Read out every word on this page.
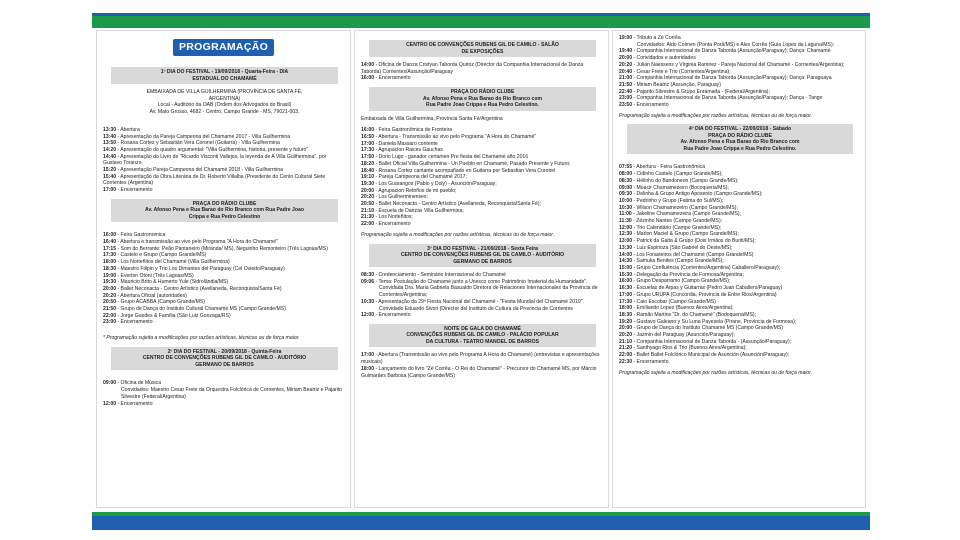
PROGRAMAÇÃO
1º DIA DO FESTIVAL - 19/09/2018 - Quarta-Feira - DIA
ESTADUAL DO CHAMAMÉ
EMBAIXADA DE VILLA GUILHERMINA (PROVÍNCIA DE SANTA FÉ,
ARGENTINA)
Local - Auditório da OAB (Ordem dos Advogados do Brasil)
Av. Mato Grosso, 4682 - Centro, Campo Grande - MS, 79021-003.
13:30 - Abertura
13:40 - Apresentação da Pareja Campeona del Chamamé 2017 - Villa Guilhermina
13:50 - Rosana Cortez y Sebastián Vera Coronel (Guitarra) - Villa Guilhermina
14:20 - Apresentação do quadro argumental: "Villa Guilhermina, historia, presente y futuro"
14:40 - Apresentação do Livro de "Ricardo Visconti Vallejos, la leyenda de A Villa Guilhermina", por Gustavo Toranzo.
15:20 - Apresentação Pareja Campeona del Chamamé 2018 - Villa Guilhermina
15:40 - Apresentação da Obra Literária de Dr. Roberto Villalba (Presidente do Cento Cultural Siete Corrientes (Argentina)
17:00 - Encerramento
PRAÇA DO RÁDIO CLUBE
Av. Afonso Pena e Rua Barao do Rio Branco com Rua Padre Joao
Crippa e Rua Pedro Celestino
16:00 - Feira Gastronomica
16:40 - Abertura e transmissão ao vivo pelo Programa "A Hora do Chamamé"
17:15 - Som do Berrante: Peão Pantaneiro (Miranda/ MS), Neguinho Remonteiro (Três Lagoas/MS)
17:30 - Castelo e Grupo (Campo Grande/MS)
18:00 - Los Norteñitos del Chamamé (Villa Guilhermina)
18:30 - Maestro Filipin y Trio Los Dimantes del Paraguay (Cel Oviedo/Paraguay)
19:00 - Everton Otoni (Três Lagoas/MS)
19:30 - Mauricio Brito & Humerto Yule (Sidrolândia/MS)
20:00 - Ballet Neconacta - Centro Artístico (Avellaneda, Reconquista/Santa Fé)
20:20 - Abertura Oficial (autoridades)
20:50 - Grupo ACABBA (Campo Grande/MS)
21:50 - Grupo de Dança do Instituto Cultural Chamamé MS (Campo Grande/MS)
22:00 - Jorge Guedes & Família (São Luiz Gonzaga/RS)
23:00 - Encerramento
* Programação sujeita a modificações por razões artísticas, técnicas ou de força maior.
2º DIA DO FESTIVAL - 20/09/2018 - Quinta-Feira
CENTRO DE CONVENÇÕES RUBENS GIL DE CAMILO - AUDITÓRIO
GERMANO DE BARROS
09:00 - Oficina de Música
Convidados: Maestro Cesar Frete da Orquestra Folclórica de Corrientes, Miriam Beatriz e Pajarito Silvestre (Federal/Argentina)
12:00 - Encerramento
CENTRO DE CONVENÇÕES RUBENS GIL DE CAMILO - SALÃO
DE EXPOSIÇÕES
14:00 - Oficina de Danza Cristyan Taborda Quiroz (Director da Companhia Internacional de Danza Taborda) Corrientes/Assunção/Paraguay
16:00 - Encerramento
PRAÇA DO RÁDIO CLUBE
Av. Afonso Pena e Rua Barao do Rio Branco com
Rua Padre Joao Crippa e Rua Pedro Celestino.
Embaixada de Villa Guilhermina, Província Santa Fé/Argentina
16:00 - Feira Gastronômica de Fronteira
16:50 - Abertura - Transmissão ao vivo pelo Programa "A Hora do Chamamé"
17:00 - Daniela Massaro contente
17:30 - Agrupacion Raices Gauchas
17:50 - Dorio Lugo - ganador certamen Pre fiesta del Chamamé año 2016
18:20 - Ballet Oficial Villa Guilhermina - Un Pueblo en Chamamé, Pasado Presente y Futuro;
18:40 - Rosana Cortez cantante acompañado en Guitarra por Sebastian Vera Coronel
19:10 - Pareja Campeona del Chamamé 2017;
19:30 - Los Guarangos (Pablo y Doly) - Asunción/Paraguay;
20:00 - Agrupacion Retoños de mi pueblo;
20:20 - Los Guilherminenses;
20:50 - Ballet Neconacta - Centro Artístico (Avellaneda, Reconquista/Santa Fé);
21:10 - Escuela de Danzas Villa Guilhermina;
21:30 - Los Norteñitos;
22:00 - Encerramento
Programação sujeita a modificações por razões artísticas, técnicas ou de força maior.
3º DIA DO FESTIVAL - 21/09/2018 - Sexta Feira
CENTRO DE CONVENÇÕES RUBENS GIL DE CAMILO - AUDITÓRIO
GERMANO DE BARROS
08:30 - Credenciamento - Seminário Internacional do Chamamé
09:06 - Tema: Postulação do Chamamé junto a Unesco como Patrimônio Imaterial da Humanidade".
Convidada Dra. Maria Gabriela Basualdo Diretora de Relaciones Internacionales da Provincia de Corrientes/Argentina;
10:30 - Apresentação da 29ª Fiesta Nacional del Chamamé - "Fiesta Mundial del Chamamé 2019".
Convidado Eduardo Sivori (Director del Instituto de Cultura da Provincia de Corrientes
12:00 - Encerramento
NOITE DE GALA DO CHAMAMÉ
CONVENÇÕES RUBENS GIL DE CAMILO - PALÁCIO POPULAR
DA CULTURA - TEATRO MANOEL DE BARROS
17:00 - Abertura (Transmissão ao vivo pelo Programa A Hora do Chamamé) (entrevistas e apresentações musicais)
18:00 - Lançamento do livro "Zé Corrêa - O Rei do Chamamé" - Precursor do Chamamé MS, por Márcio Guimarães Barbosa (Campo Grande/MS)
19:00 - Tributo a Zé Corrêa
Convidados: Aldo Colmen (Ponta Porã/MS) e Alex Corrêa (Guia Lopes da Laguna/MS);
19:40 - Companhia Internacional de Danza Taborda (Assunção/Paraguay); Dança: Chamamé
20:00 - Convidados e autoridades
20:20 - Julian Naessens y Virginia Ramirez - Pareja Nacional del Chamamé - Corrientes/Argentina);
20:40 - Cesar Frete e Trio (Corrientes/Argentina);
21:00 - Companhia Internacional de Danza Taborda (Assunção/Paraguay); Dança: Paraguaya
21:50 - Miriam Beatriz (Assunção, Paraguay)
22:40 - Pajarito Silvestre & Grupo Enramada - (Federal/Argentina);
23:00 - Companhia Internacional de Danza Taborda (Assunção/Paraguay); Dança - Tango
23:50 - Encerramento
Programação sujeita a modificações por razões artísticas, técnicas ou de força maior.
4º DIA DO FESTIVAL - 22/09/2018 - Sábado
PRAÇA DO RÁDIO CLUBE
Av. Afonso Pena e Rua Barao do Rio Branco com
Rua Padre Joao Crippa e Rua Pedro Celestino.
07:55 - Abertura - Feira Gastronômica
08:00 - Cidinho Castelo (Campo Grande/MS);
08:30 - Hélinho do Bandoneon (Campo Grande/MS);
09:00 - Moacir Chamamezeiro (Bocoqueria/MS);
09:30 - Delinha & Grupo Antigo Aposento (Campo Grande/MS);
10:00 - Pedrinho y Grupo (Fatima do Sul/MS);
10:30 - Wilson Chamamezeiro (Campo Grande/MS);
11:00 - Jakeline Chamamezeira (Campo Grande/MS);
11:30 - Zézinho Nantes (Campo Grande/MS);
12:00 - Trio Calendário (Campo Grande/MS);
12:30 - Marlon Maciel & Grupo (Campo Grande/MS);
13:00 - Patrick da Gaita & Grupo (Dois Irmãos do Buriti/MS);
13:30 - Luiz Espinoza (São Gabriel do Oeste/MS);
14:00 - Los Forasteiros del Chamamé (Campo Grande/MS)
14:30 - Samuka Benites (Campo Grande/MS);
15:00 - Grupo Confluência (Corrientes/Argentina) Caballero/Paraguay);
15:30 - Delegação da Província de Formosa/Argentina;
16:00 - Grupo Desparramo (Campo Grande/MS);
16:30 - Escuelas de Arpas y Guitarras (Pedro Juan Caballero/Paraguay)
17:00 - Grupo URUPA (Concordia, Provincia de Entre Rios/Argentina)
17:30 - Caio Escobar (Campo Grande/MS)
18:00 - Emílianito Lopez (Buenos Aires/Argentina);
18:30 - Ramão Martins "Dr. do Chamamé" (Bodoquena/MS);
19:20 - Gustavo Galeano y Su Luna Payesela (Pirane, Provincia de Formosa);
20:00 - Grupo de Dança do Instituto Chamamé MS (Campo Grande/MS)
20:20 - Jazmín del Paraguay (Asunción/Paraguay);
21:10 - Companhia Internacional de Danza Taborda - (Assunção/Paraguay);
21:20 - Santhyago Rios & Trio (Buenos Aires/Argentina);
22:00 - Ballet Ballet Folclórico Municipal de Asunción (Asunción/Paraguay);
22:30 - Encerramento
Programação sujeita a modificações por razões artísticas, técnicas ou de força maior.
